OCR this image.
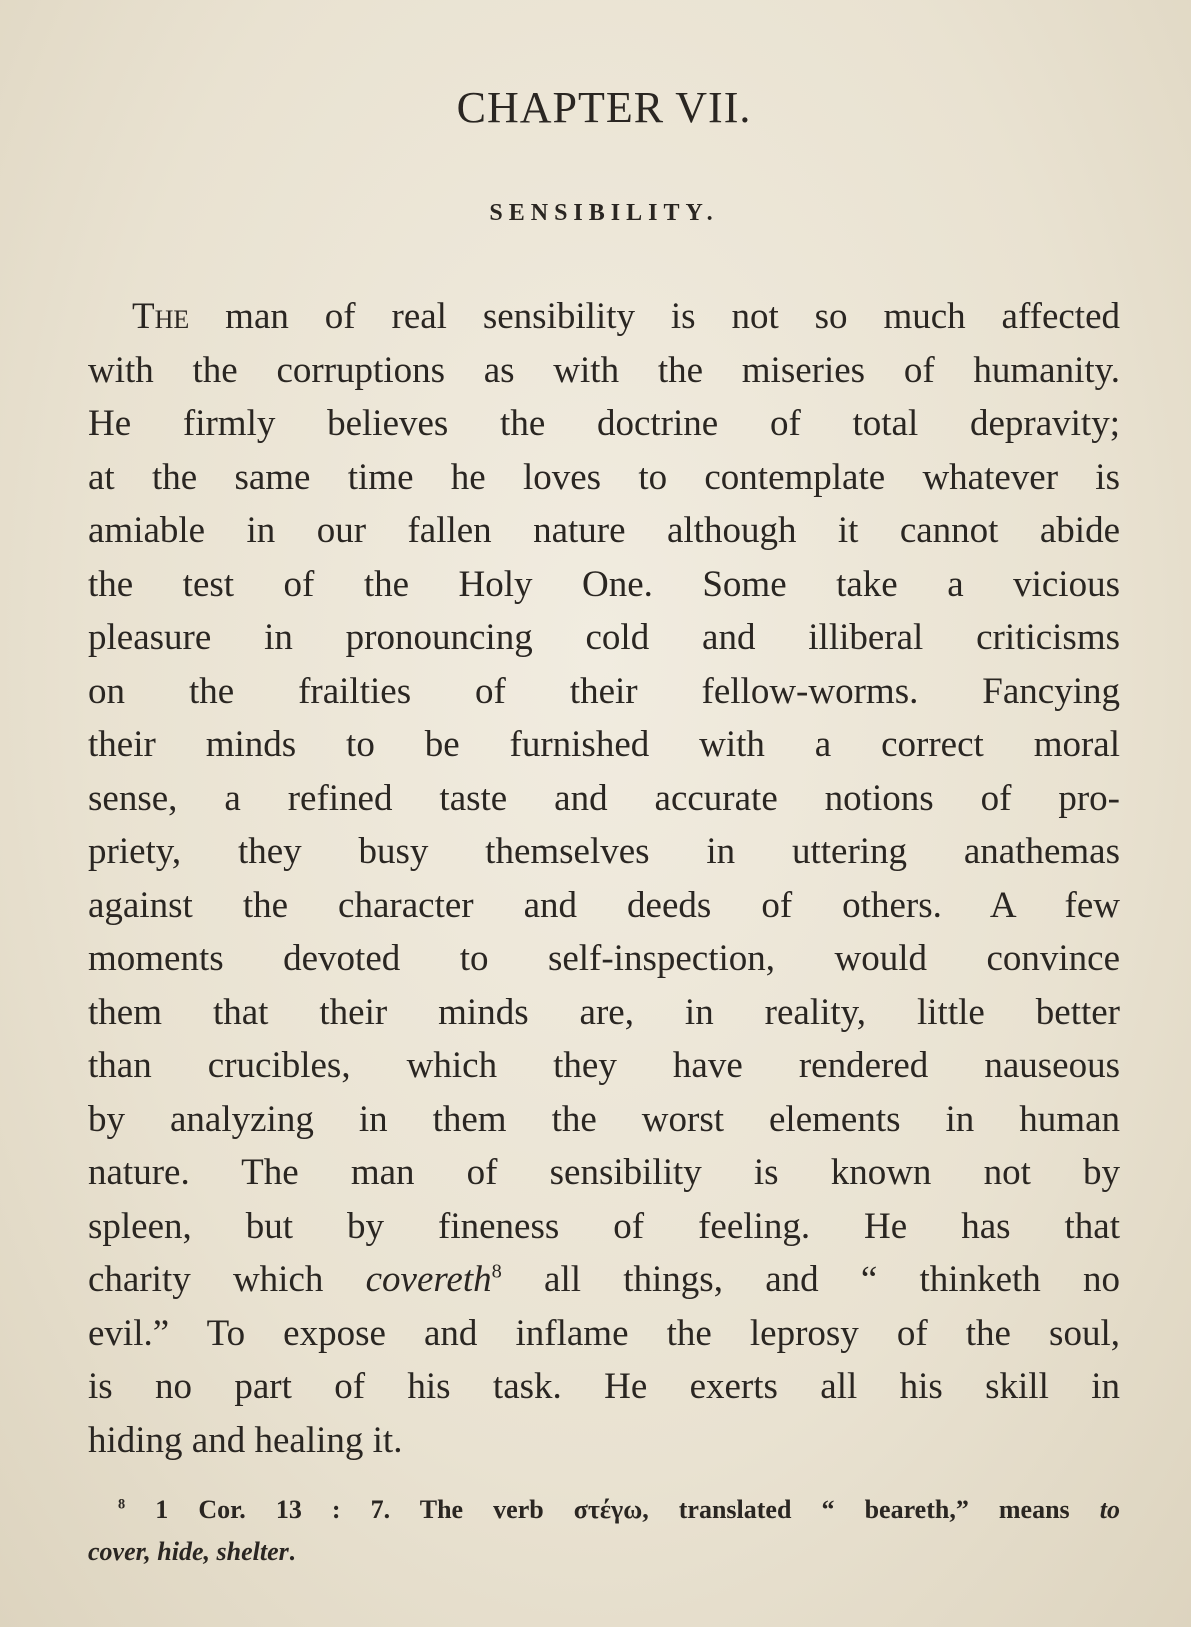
CHAPTER VII.
SENSIBILITY.
The man of real sensibility is not so much affected
with the corruptions as with the miseries of humanity.
He firmly believes the doctrine of total depravity;
at the same time he loves to contemplate whatever is
amiable in our fallen nature although it cannot abide
the test of the Holy One. Some take a vicious
pleasure in pronouncing cold and illiberal criticisms
on the frailties of their fellow-worms. Fancying
their minds to be furnished with a correct moral
sense, a refined taste and accurate notions of pro-
priety, they busy themselves in uttering anathemas
against the character and deeds of others. A few
moments devoted to self-inspection, would convince
them that their minds are, in reality, little better
than crucibles, which they have rendered nauseous
by analyzing in them the worst elements in human
nature. The man of sensibility is known not by
spleen, but by fineness of feeling. He has that
charity which covereth$^8$ all things, and “ thinketh no
evil.” To expose and inflame the leprosy of the soul,
is no part of his task. He exerts all his skill in
hiding and healing it.
$^8$ 1 Cor. 13 : 7. The verb στέγω, translated “ beareth,” means to
cover, hide, shelter.
